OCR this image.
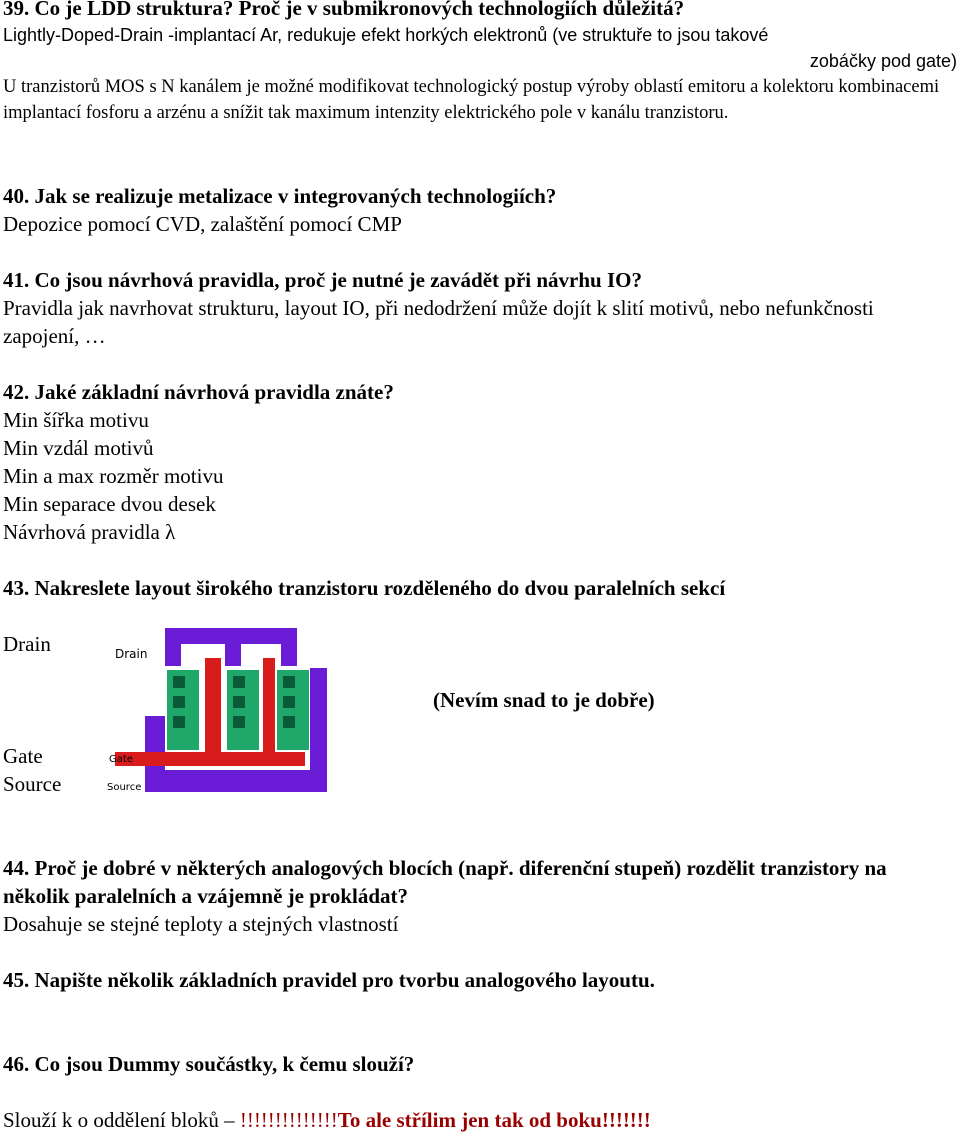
39. Co je LDD struktura? Proč je v submikronových technologiích důležitá?

Lightly-Doped-Drain -implantací Ar, redukuje efekt horkých elektronů (ve struktuře to jsou takové

zobáčky pod gate)

U tranzistorů MOS s N kanálem je možné modifikovat technologický postup výroby oblastí emitoru a kolektoru kombinacemi implantací fosforu a arzénu a snížit tak maximum intenzity elektrického pole v kanálu tranzistoru.

40. Jak se realizuje metalizace v integrovaných technologiích?

Depozice pomocí CVD, zalaštění pomocí CMP

41. Co jsou návrhová pravidla, proč je nutné je zavádět při návrhu IO?

Pravidla jak navrhovat strukturu, layout IO, při nedodržení může dojít k slití motivů, nebo nefunkčnosti zapojení, …

42. Jaké základní návrhová pravidla znáte?

Min šířka motivu

Min vzdál motivů

Min a max rozměr motivu

Min separace dvou desek

Návrhová pravidla λ

43. Nakreslete layout širokého tranzistoru rozděleného do dvou paralelních sekcí

Drain
Gate
Source
(Nevím snad to je dobře)
Drain
Gate
Source

44. Proč je dobré v některých analogových blocích (např. diferenční stupeň) rozdělit tranzistory na několik paralelních a vzájemně je prokládat?

Dosahuje se stejné teploty a stejných vlastností

45. Napište několik základních pravidel pro tvorbu analogového layoutu.

46. Co jsou Dummy součástky, k čemu slouží?

Slouží k o oddělení bloků – !!!!!!!!!!!!!!To ale střílim jen tak od boku!!!!!!!
